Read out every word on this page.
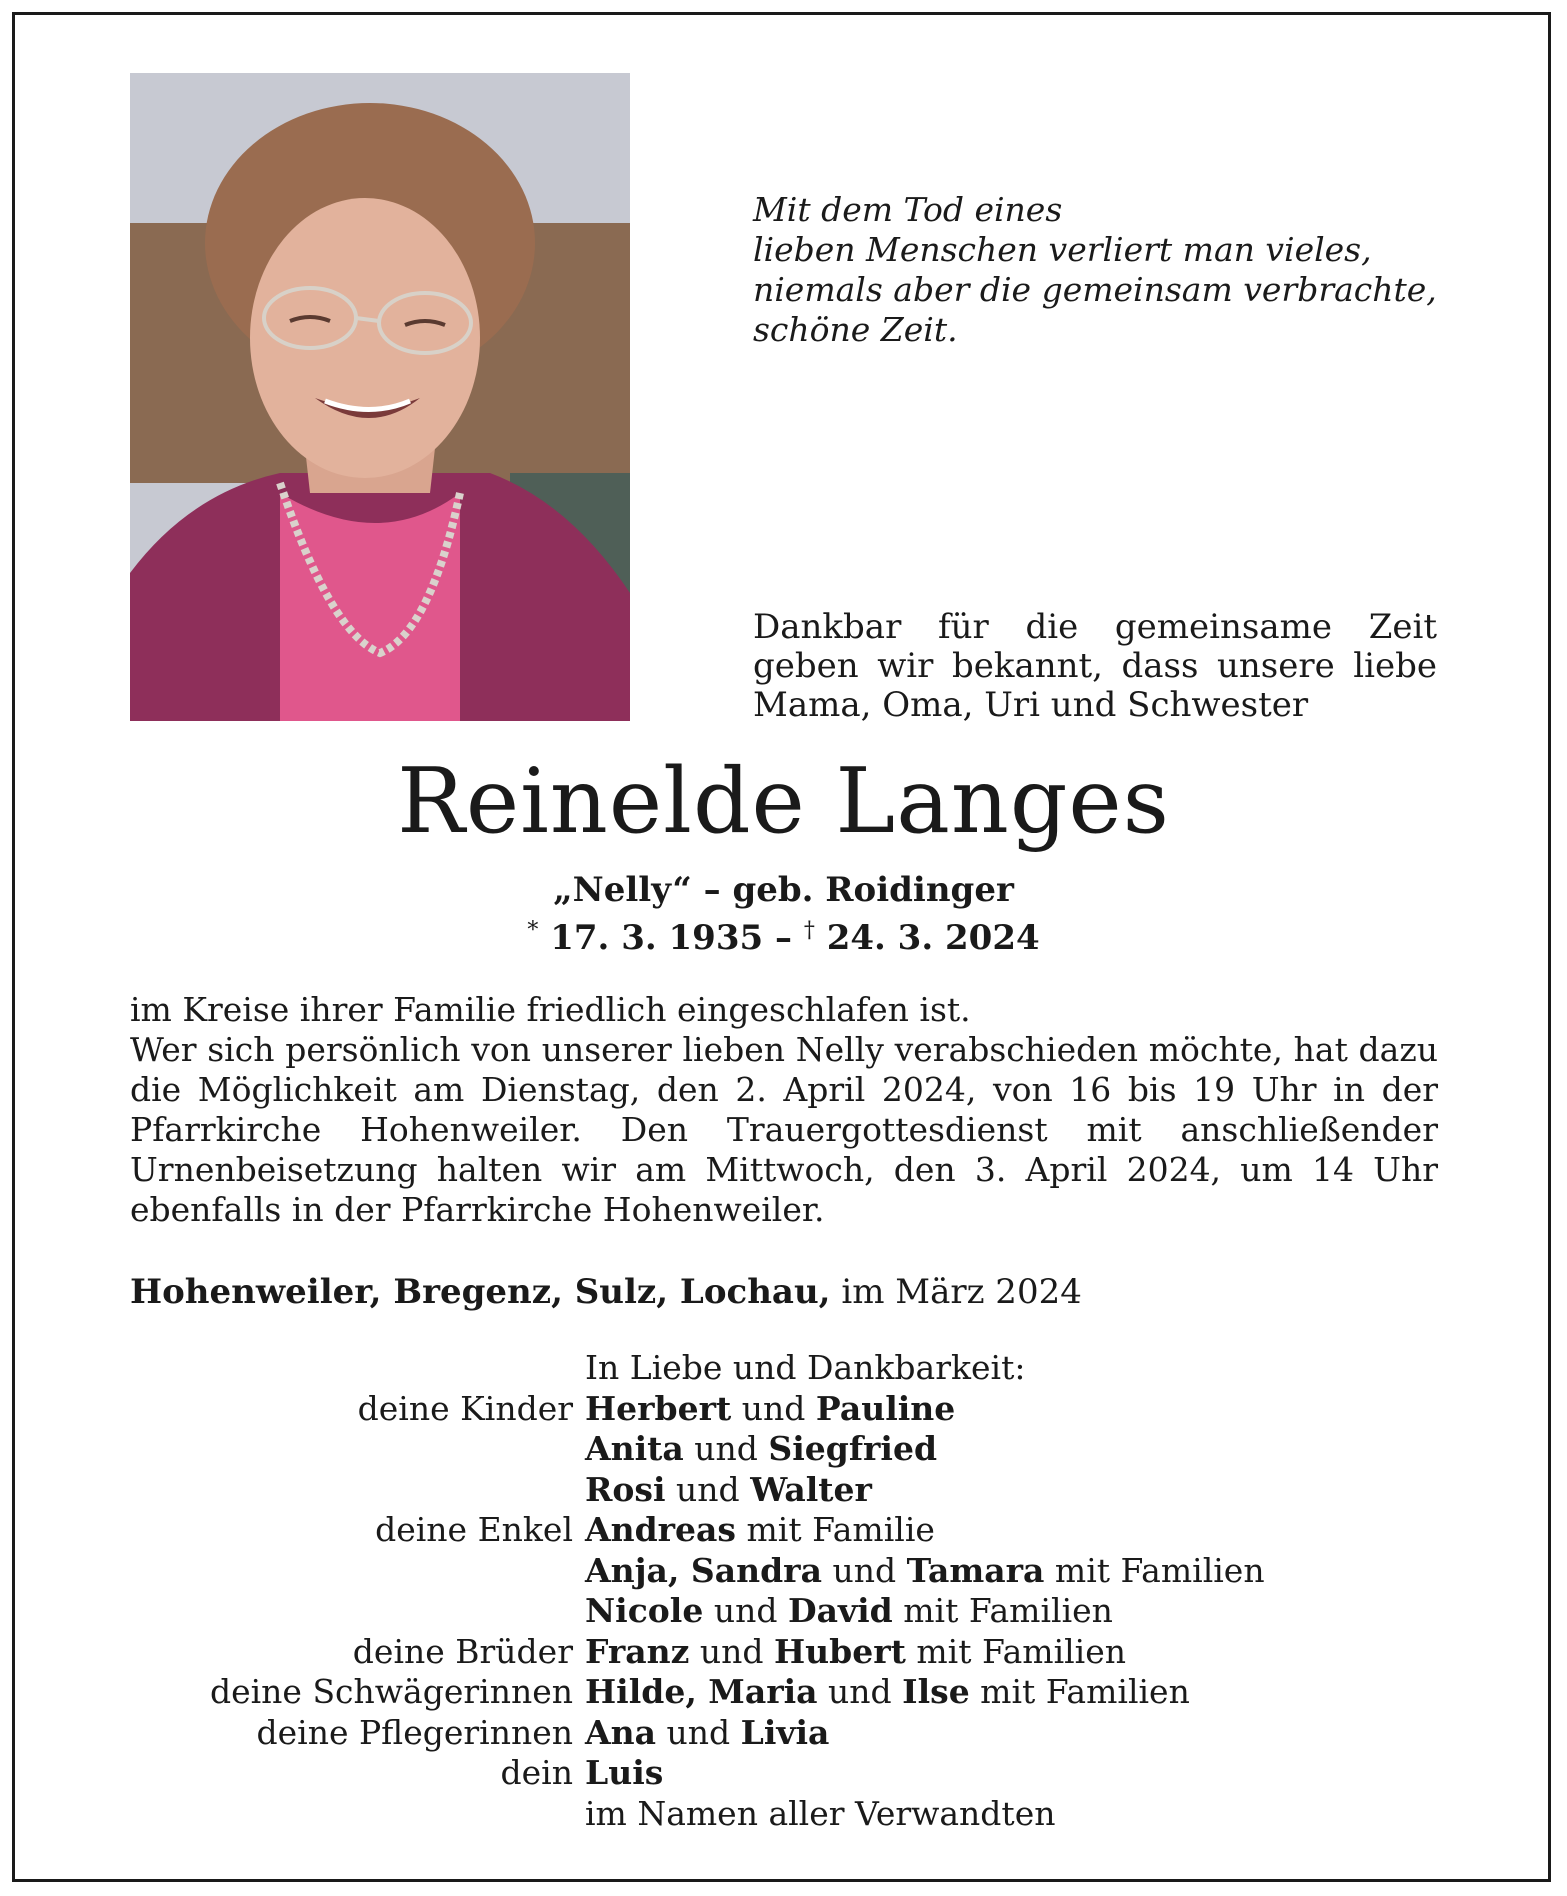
Mit dem Tod eines
lieben Menschen verliert man vieles,
niemals aber die gemeinsam verbrachte,
schöne Zeit.
Dankbar für die gemeinsame Zeit geben wir bekannt, dass unsere liebe Mama, Oma, Uri und Schwester
Reinelde Langes
„Nelly“ – geb. Roidinger
* 17. 3. 1935 – † 24. 3. 2024

im Kreise ihrer Familie friedlich eingeschlafen ist.

Wer sich persönlich von unserer lieben Nelly verabschieden möchte, hat dazu die Möglichkeit am Dienstag, den 2. April 2024, von 16 bis 19 Uhr in der Pfarrkirche Hohenweiler. Den Trauergottesdienst mit anschließender Urnenbeisetzung halten wir am Mittwoch, den 3. April 2024, um 14 Uhr ebenfalls in der Pfarrkirche Hohenweiler.

Hohenweiler, Bregenz, Sulz, Lochau, im März 2024
In Liebe und Dankbarkeit:
deine Kinder Herbert und Pauline
Anita und Siegfried
Rosi und Walter
deine Enkel Andreas mit Familie
Anja, Sandra und Tamara mit Familien
Nicole und David mit Familien
deine Brüder Franz und Hubert mit Familien
deine Schwägerinnen Hilde, Maria und Ilse mit Familien
deine Pflegerinnen Ana und Livia
dein Luis
im Namen aller Verwandten
